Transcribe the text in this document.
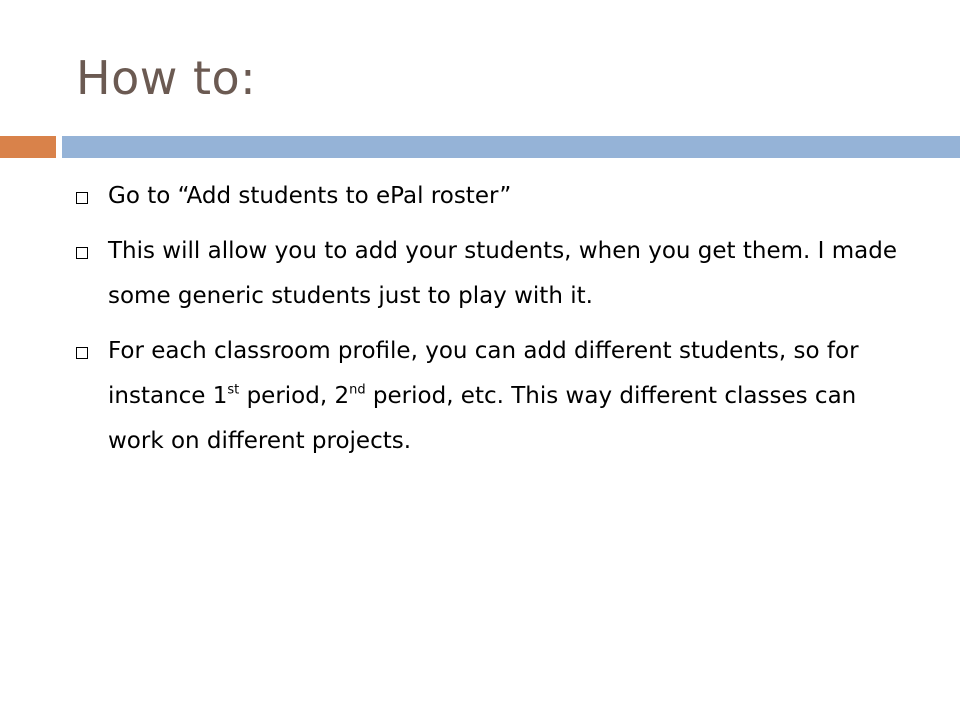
How to:
Go to “Add students to ePal roster”
This will allow you to add your students, when you get them. I made some generic students just to play with it.
For each classroom profile, you can add different students, so for instance 1st period, 2nd period, etc. This way different classes can work on different projects.
